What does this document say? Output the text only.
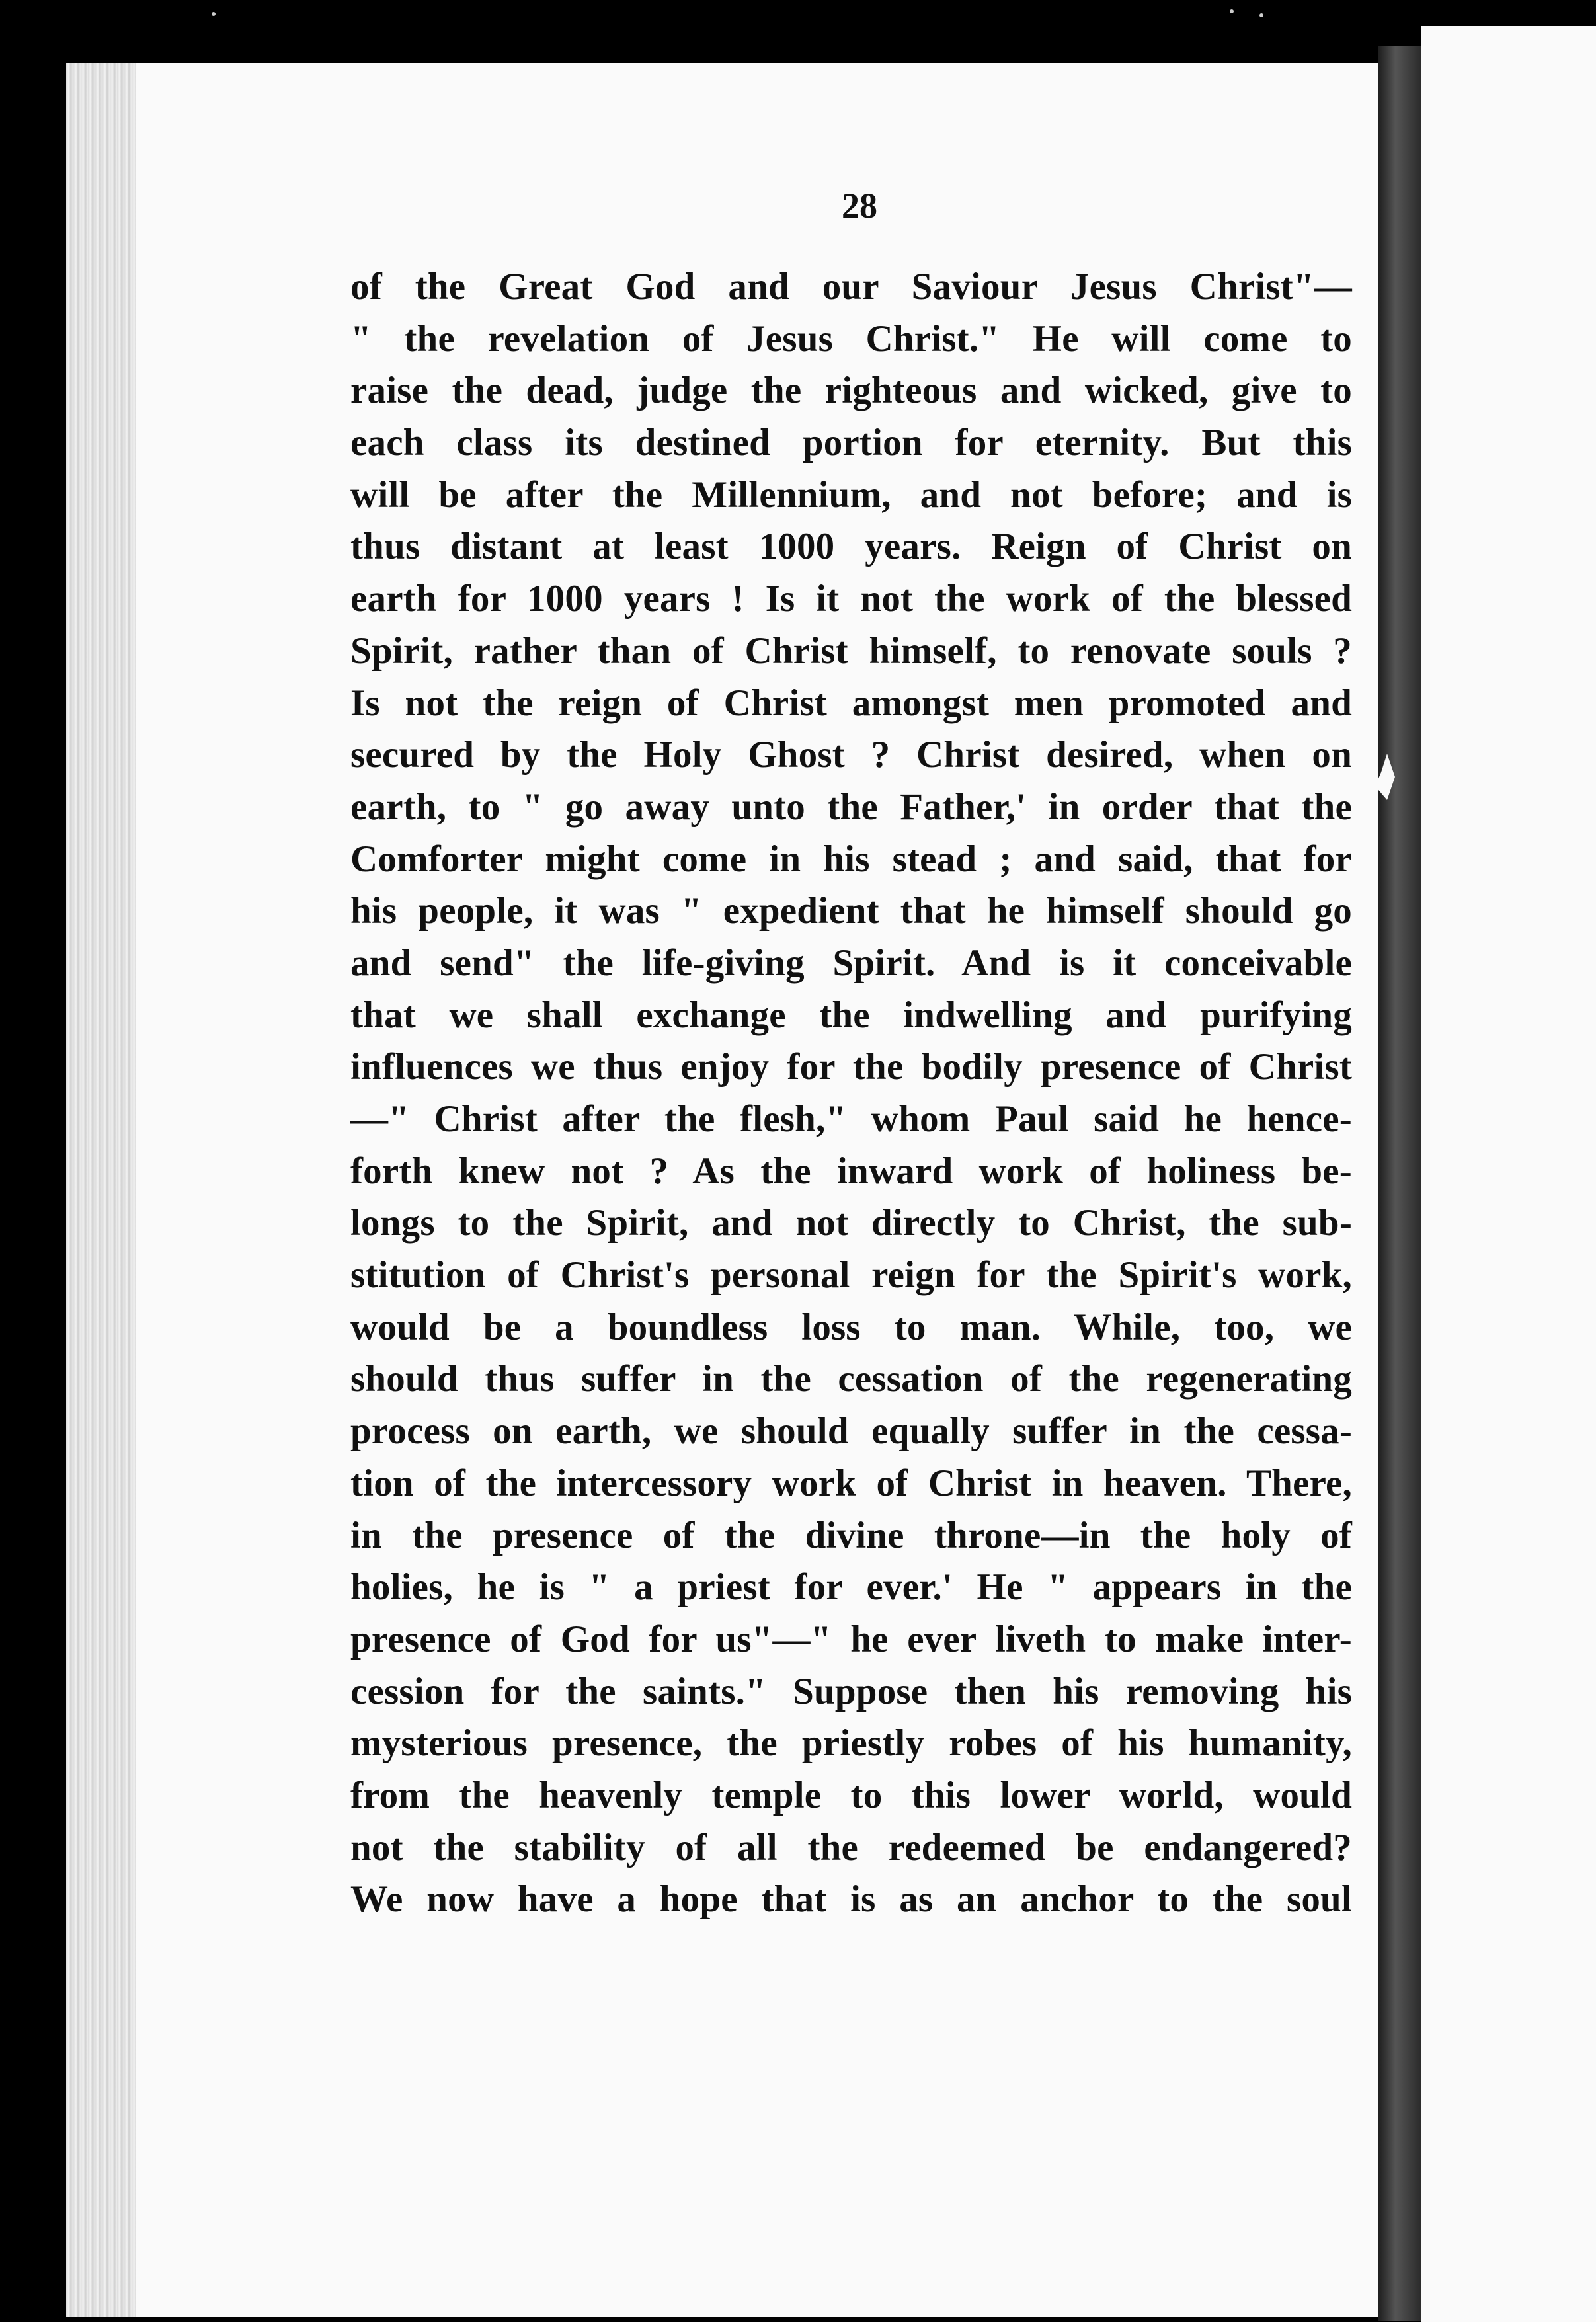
28
of the Great God and our Saviour Jesus Christ"—
" the revelation of Jesus Christ." He will come to
raise the dead, judge the righteous and wicked, give to
each class its destined portion for eternity. But this
will be after the Millennium, and not before; and is
thus distant at least 1000 years. Reign of Christ on
earth for 1000 years ! Is it not the work of the blessed
Spirit, rather than of Christ himself, to renovate souls ?
Is not the reign of Christ amongst men promoted and
secured by the Holy Ghost ? Christ desired, when on
earth, to " go away unto the Father,' in order that the
Comforter might come in his stead ; and said, that for
his people, it was " expedient that he himself should go
and send" the life-giving Spirit. And is it conceivable
that we shall exchange the indwelling and purifying
influences we thus enjoy for the bodily presence of Christ
—" Christ after the flesh," whom Paul said he hence-
forth knew not ? As the inward work of holiness be-
longs to the Spirit, and not directly to Christ, the sub-
stitution of Christ's personal reign for the Spirit's work,
would be a boundless loss to man. While, too, we
should thus suffer in the cessation of the regenerating
process on earth, we should equally suffer in the cessa-
tion of the intercessory work of Christ in heaven. There,
in the presence of the divine throne—in the holy of
holies, he is " a priest for ever.' He " appears in the
presence of God for us"—" he ever liveth to make inter-
cession for the saints." Suppose then his removing his
mysterious presence, the priestly robes of his humanity,
from the heavenly temple to this lower world, would
not the stability of all the redeemed be endangered?
We now have a hope that is as an anchor to the soul
